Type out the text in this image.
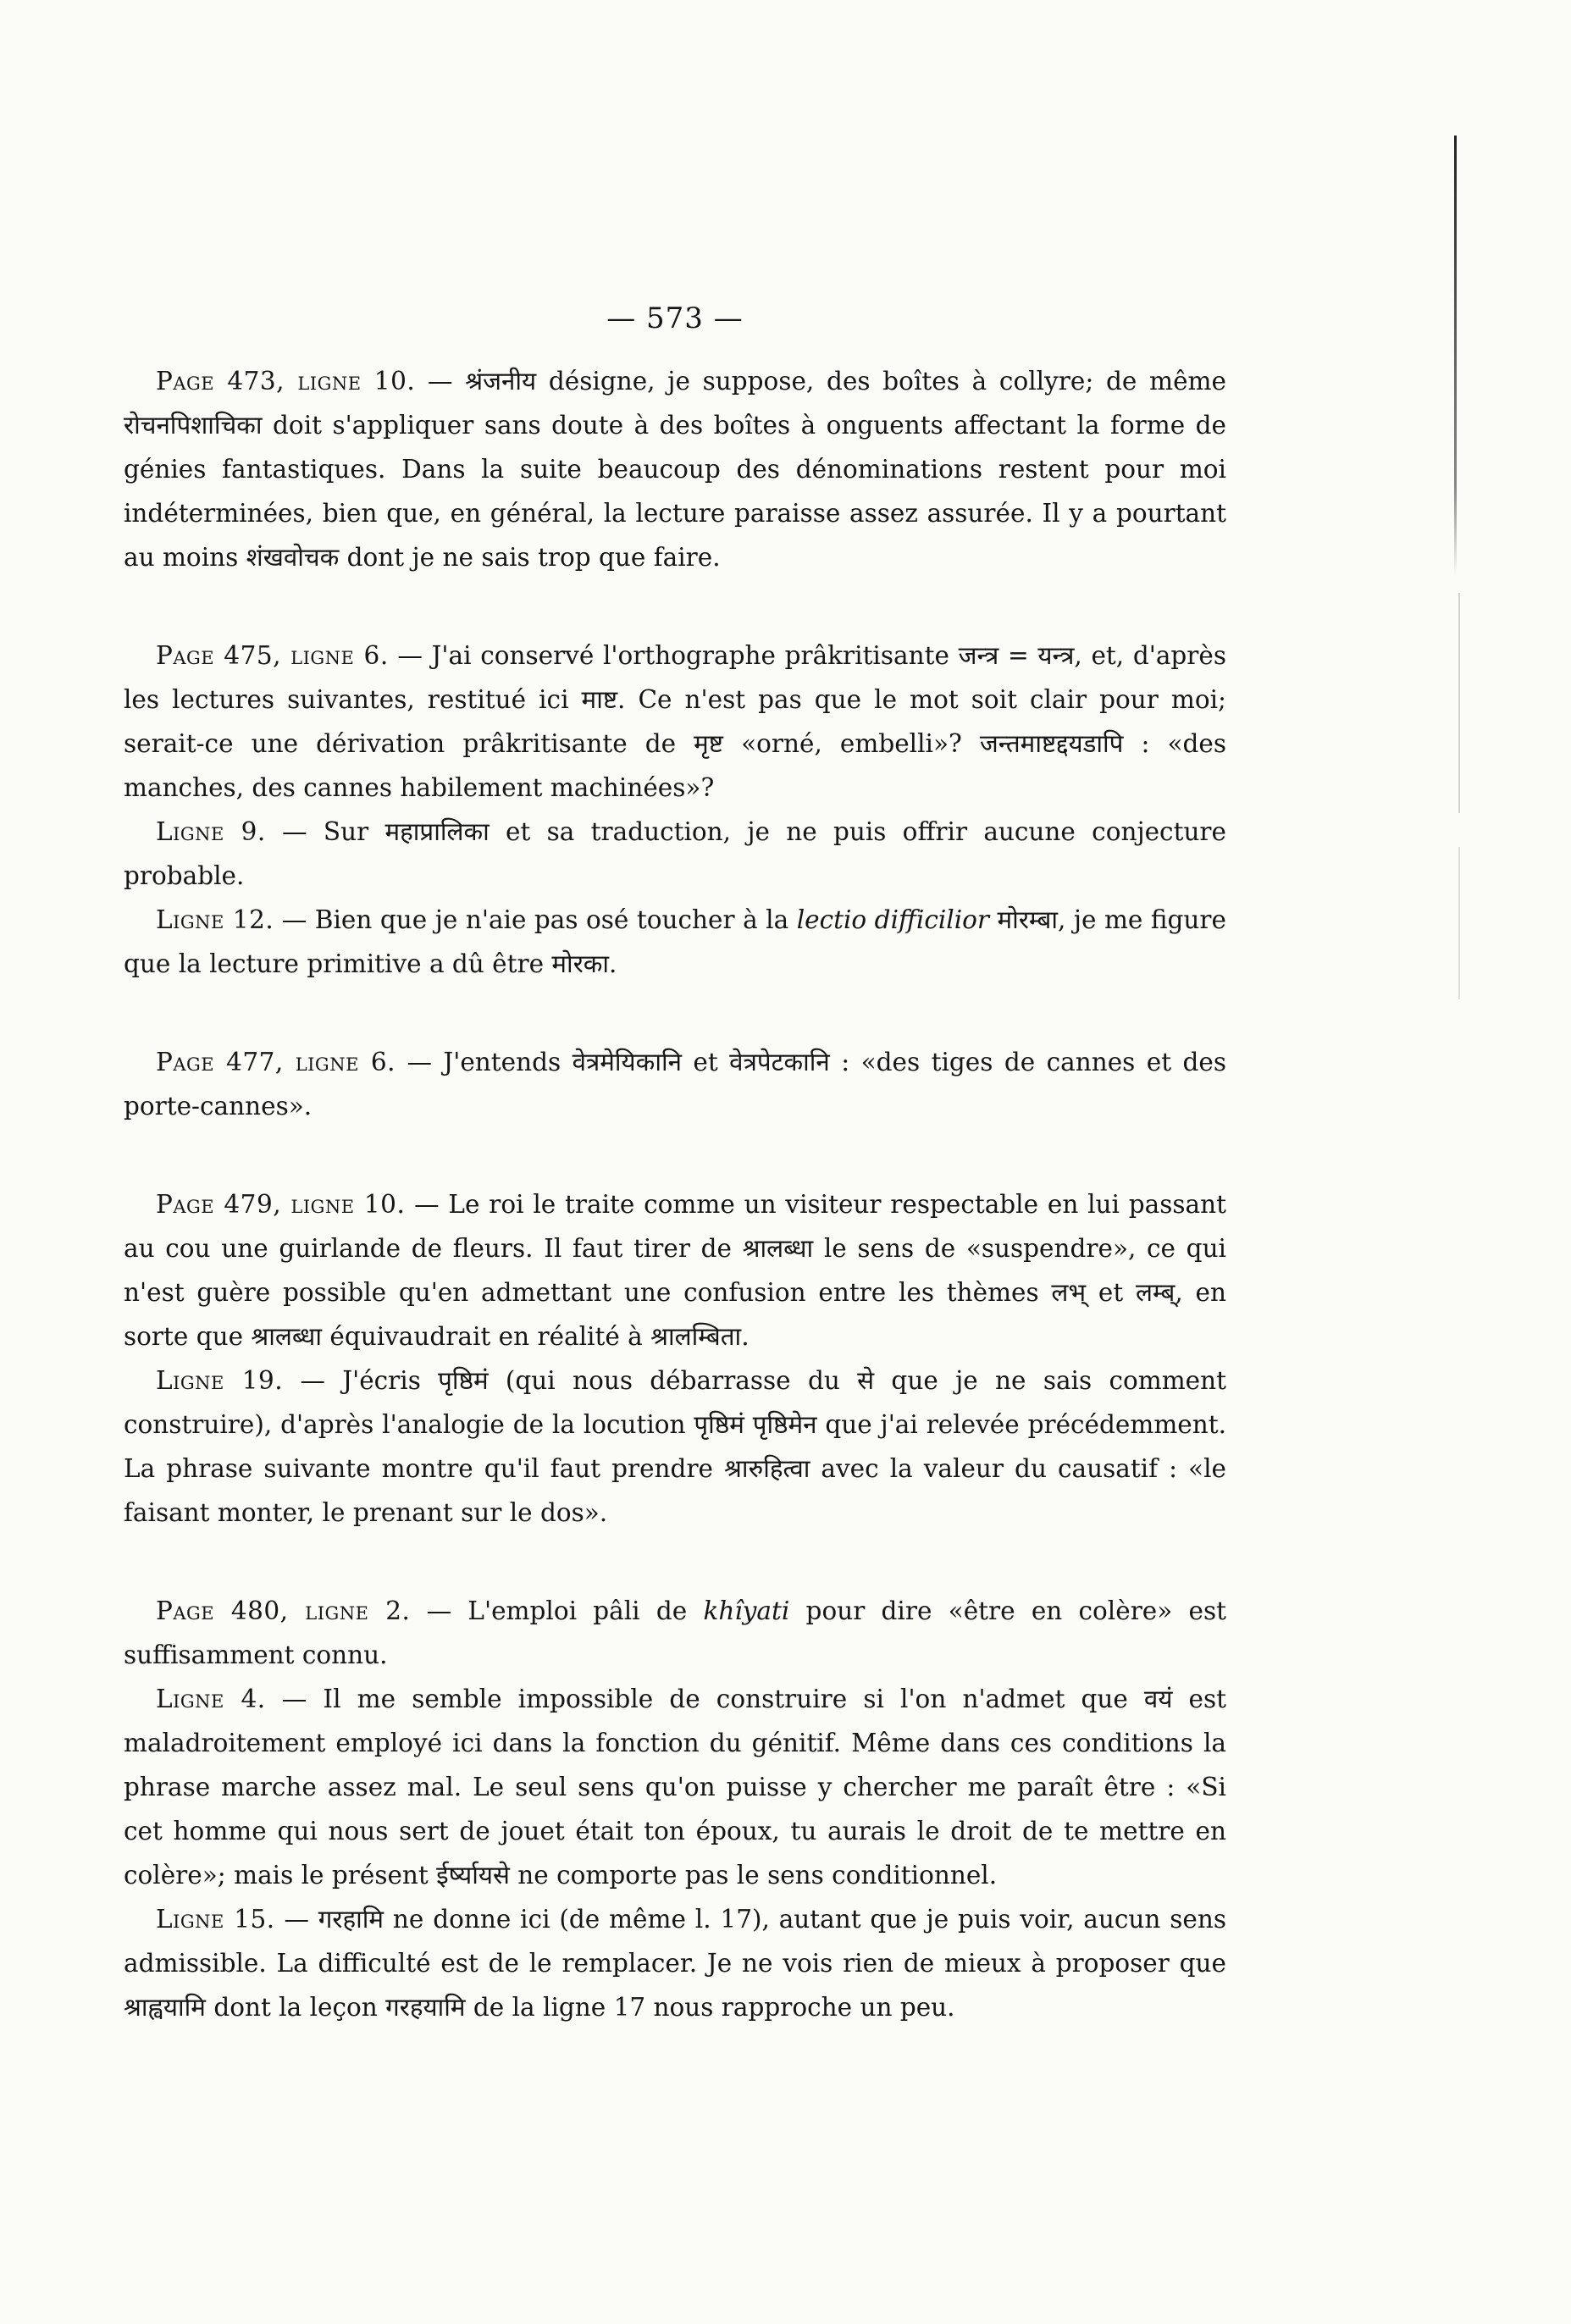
— 573 —

Page 473, ligne 10. — श्रंजनीय désigne, je suppose, des boîtes à collyre; de même रोचनपिशाचिका doit s'appliquer sans doute à des boîtes à onguents affectant la forme de génies fantastiques. Dans la suite beaucoup des dénominations restent pour moi indéterminées, bien que, en général, la lecture paraisse assez assurée. Il y a pourtant au moins शंखवोचक dont je ne sais trop que faire.

Page 475, ligne 6. — J'ai conservé l'orthographe prâkritisante जन्त्र = यन्त्र, et, d'après les lectures suivantes, restitué ici माष्ट. Ce n'est pas que le mot soit clair pour moi; serait-ce une dérivation prâkritisante de मृष्ट «orné, embelli»? जन्तमाष्टद्दयडापि : «des manches, des cannes habilement machinées»?

Ligne 9. — Sur महाप्रालिका et sa traduction, je ne puis offrir aucune conjecture probable.

Ligne 12. — Bien que je n'aie pas osé toucher à la lectio difficilior मोरम्बा, je me figure que la lecture primitive a dû être मोरका.

Page 477, ligne 6. — J'entends वेत्रमेयिकानि et वेत्रपेटकानि : «des tiges de cannes et des porte-cannes».

Page 479, ligne 10. — Le roi le traite comme un visiteur respectable en lui passant au cou une guirlande de fleurs. Il faut tirer de श्रालब्धा le sens de «suspendre», ce qui n'est guère possible qu'en admettant une confusion entre les thèmes लभ् et लम्ब्, en sorte que श्रालब्धा équivaudrait en réalité à श्रालम्बिता.

Ligne 19. — J'écris पृष्ठिमं (qui nous débarrasse du से que je ne sais comment construire), d'après l'analogie de la locution पृष्ठिमं पृष्ठिमेन que j'ai relevée précédemment. La phrase suivante montre qu'il faut prendre श्रारुहित्वा avec la valeur du causatif : «le faisant monter, le prenant sur le dos».

Page 480, ligne 2. — L'emploi pâli de khîyati pour dire «être en colère» est suffisamment connu.

Ligne 4. — Il me semble impossible de construire si l'on n'admet que वयं est maladroitement employé ici dans la fonction du génitif. Même dans ces conditions la phrase marche assez mal. Le seul sens qu'on puisse y chercher me paraît être : «Si cet homme qui nous sert de jouet était ton époux, tu aurais le droit de te mettre en colère»; mais le présent ईर्ष्यायसे ne comporte pas le sens conditionnel.

Ligne 15. — गरहामि ne donne ici (de même l. 17), autant que je puis voir, aucun sens admissible. La difficulté est de le remplacer. Je ne vois rien de mieux à proposer que श्राह्वयामि dont la leçon गरहयामि de la ligne 17 nous rapproche un peu.
